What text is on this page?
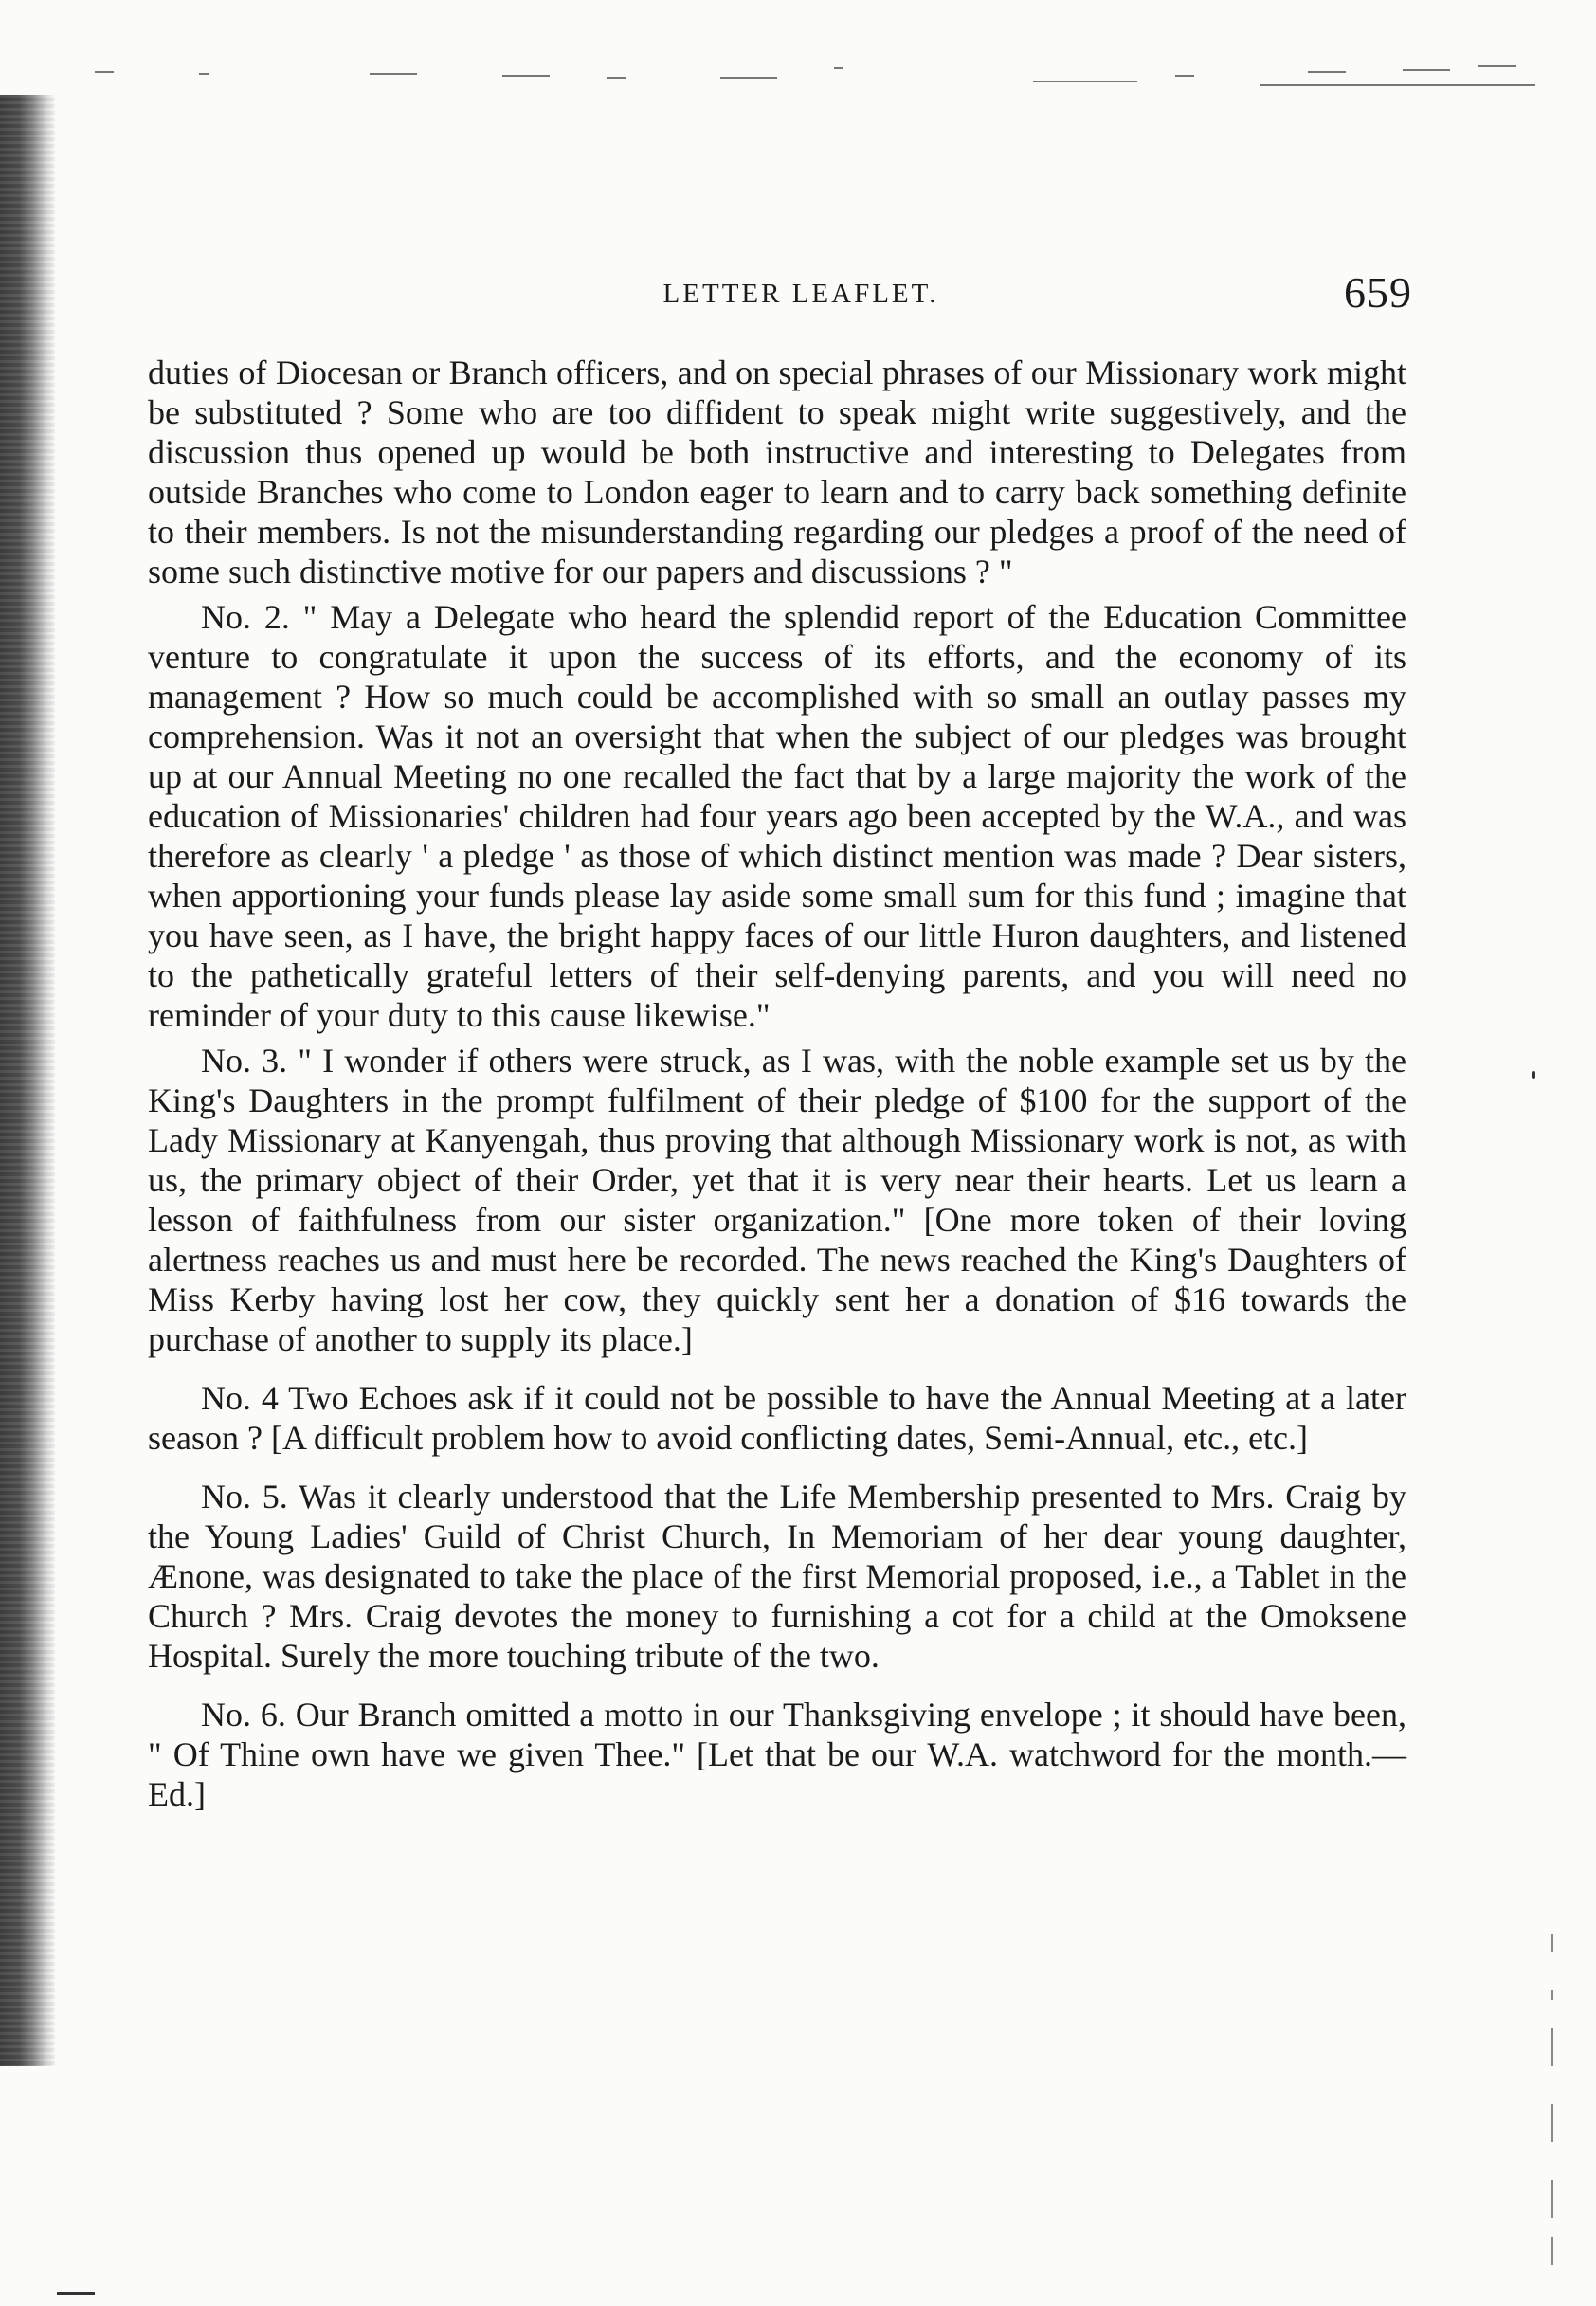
LETTER LEAFLET.	659

duties of Diocesan or Branch officers, and on special phrases of our Missionary work might be substituted ? Some who are too diffident to speak might write suggestively, and the discussion thus opened up would be both instructive and interesting to Delegates from outside Branches who come to London eager to learn and to carry back something definite to their members. Is not the misunderstanding regarding our pledges a proof of the need of some such distinctive motive for our papers and discussions ? "

No. 2. " May a Delegate who heard the splendid report of the Education Committee venture to congratulate it upon the success of its efforts, and the economy of its management ? How so much could be accomplished with so small an outlay passes my comprehension. Was it not an oversight that when the subject of our pledges was brought up at our Annual Meeting no one recalled the fact that by a large majority the work of the education of Missionaries' children had four years ago been accepted by the W.A., and was therefore as clearly ' a pledge ' as those of which distinct mention was made ? Dear sisters, when apportioning your funds please lay aside some small sum for this fund ; imagine that you have seen, as I have, the bright happy faces of our little Huron daughters, and listened to the pathetically grateful letters of their self-denying parents, and you will need no reminder of your duty to this cause likewise."

No. 3. " I wonder if others were struck, as I was, with the noble example set us by the King's Daughters in the prompt fulfilment of their pledge of $100 for the support of the Lady Missionary at Kanyengah, thus proving that although Missionary work is not, as with us, the primary object of their Order, yet that it is very near their hearts. Let us learn a lesson of faithfulness from our sister organization." [One more token of their loving alertness reaches us and must here be recorded. The news reached the King's Daughters of Miss Kerby having lost her cow, they quickly sent her a donation of $16 towards the purchase of another to supply its place.]

No. 4 Two Echoes ask if it could not be possible to have the Annual Meeting at a later season ? [A difficult problem how to avoid conflicting dates, Semi-Annual, etc., etc.]

No. 5. Was it clearly understood that the Life Membership presented to Mrs. Craig by the Young Ladies' Guild of Christ Church, In Memoriam of her dear young daughter, Ænone, was designated to take the place of the first Memorial proposed, i.e., a Tablet in the Church ? Mrs. Craig devotes the money to furnishing a cot for a child at the Omoksene Hospital. Surely the more touching tribute of the two.

No. 6. Our Branch omitted a motto in our Thanksgiving envelope ; it should have been, " Of Thine own have we given Thee." [Let that be our W.A. watchword for the month.—Ed.]
